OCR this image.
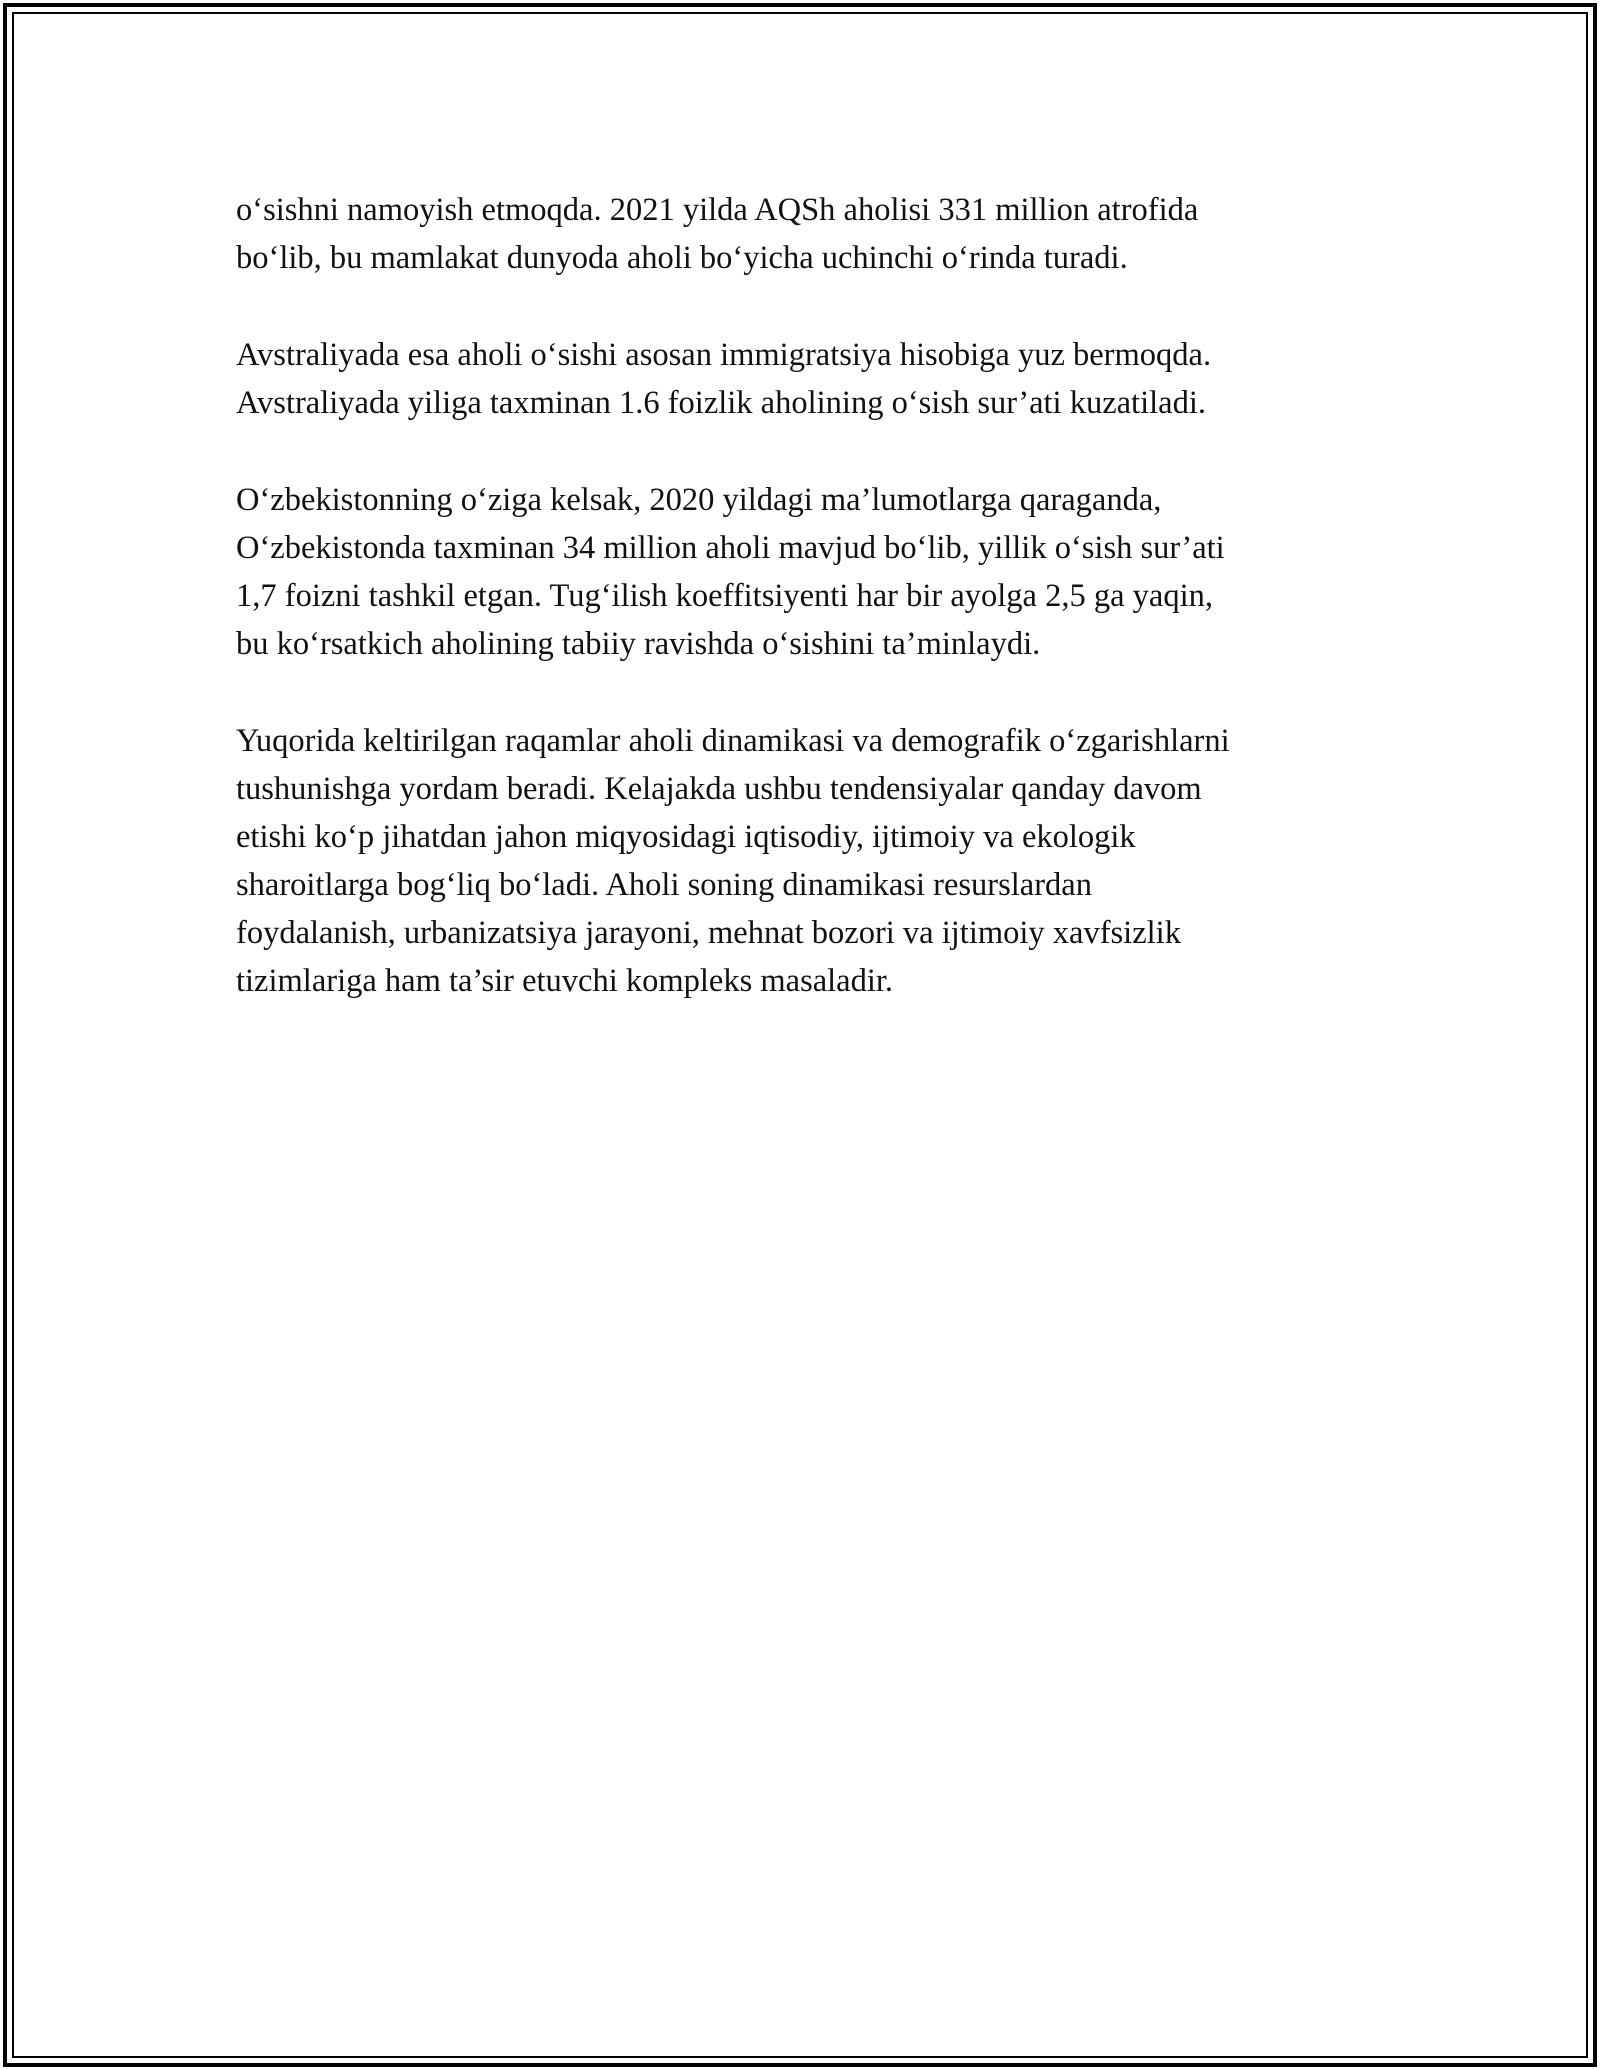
o‘sishni namoyish etmoqda. 2021 yilda AQSh aholisi 331 million atrofida
bo‘lib, bu mamlakat dunyoda aholi bo‘yicha uchinchi o‘rinda turadi.

Avstraliyada esa aholi o‘sishi asosan immigratsiya hisobiga yuz bermoqda.
Avstraliyada yiliga taxminan 1.6 foizlik aholining o‘sish sur’ati kuzatiladi.

O‘zbekistonning o‘ziga kelsak, 2020 yildagi ma’lumotlarga qaraganda,
O‘zbekistonda taxminan 34 million aholi mavjud bo‘lib, yillik o‘sish sur’ati
1,7 foizni tashkil etgan. Tug‘ilish koeffitsiyenti har bir ayolga 2,5 ga yaqin,
bu ko‘rsatkich aholining tabiiy ravishda o‘sishini ta’minlaydi.

Yuqorida keltirilgan raqamlar aholi dinamikasi va demografik o‘zgarishlarni
tushunishga yordam beradi. Kelajakda ushbu tendensiyalar qanday davom
etishi ko‘p jihatdan jahon miqyosidagi iqtisodiy, ijtimoiy va ekologik
sharoitlarga bog‘liq bo‘ladi. Aholi soning dinamikasi resurslardan
foydalanish, urbanizatsiya jarayoni, mehnat bozori va ijtimoiy xavfsizlik
tizimlariga ham ta’sir etuvchi kompleks masaladir.
